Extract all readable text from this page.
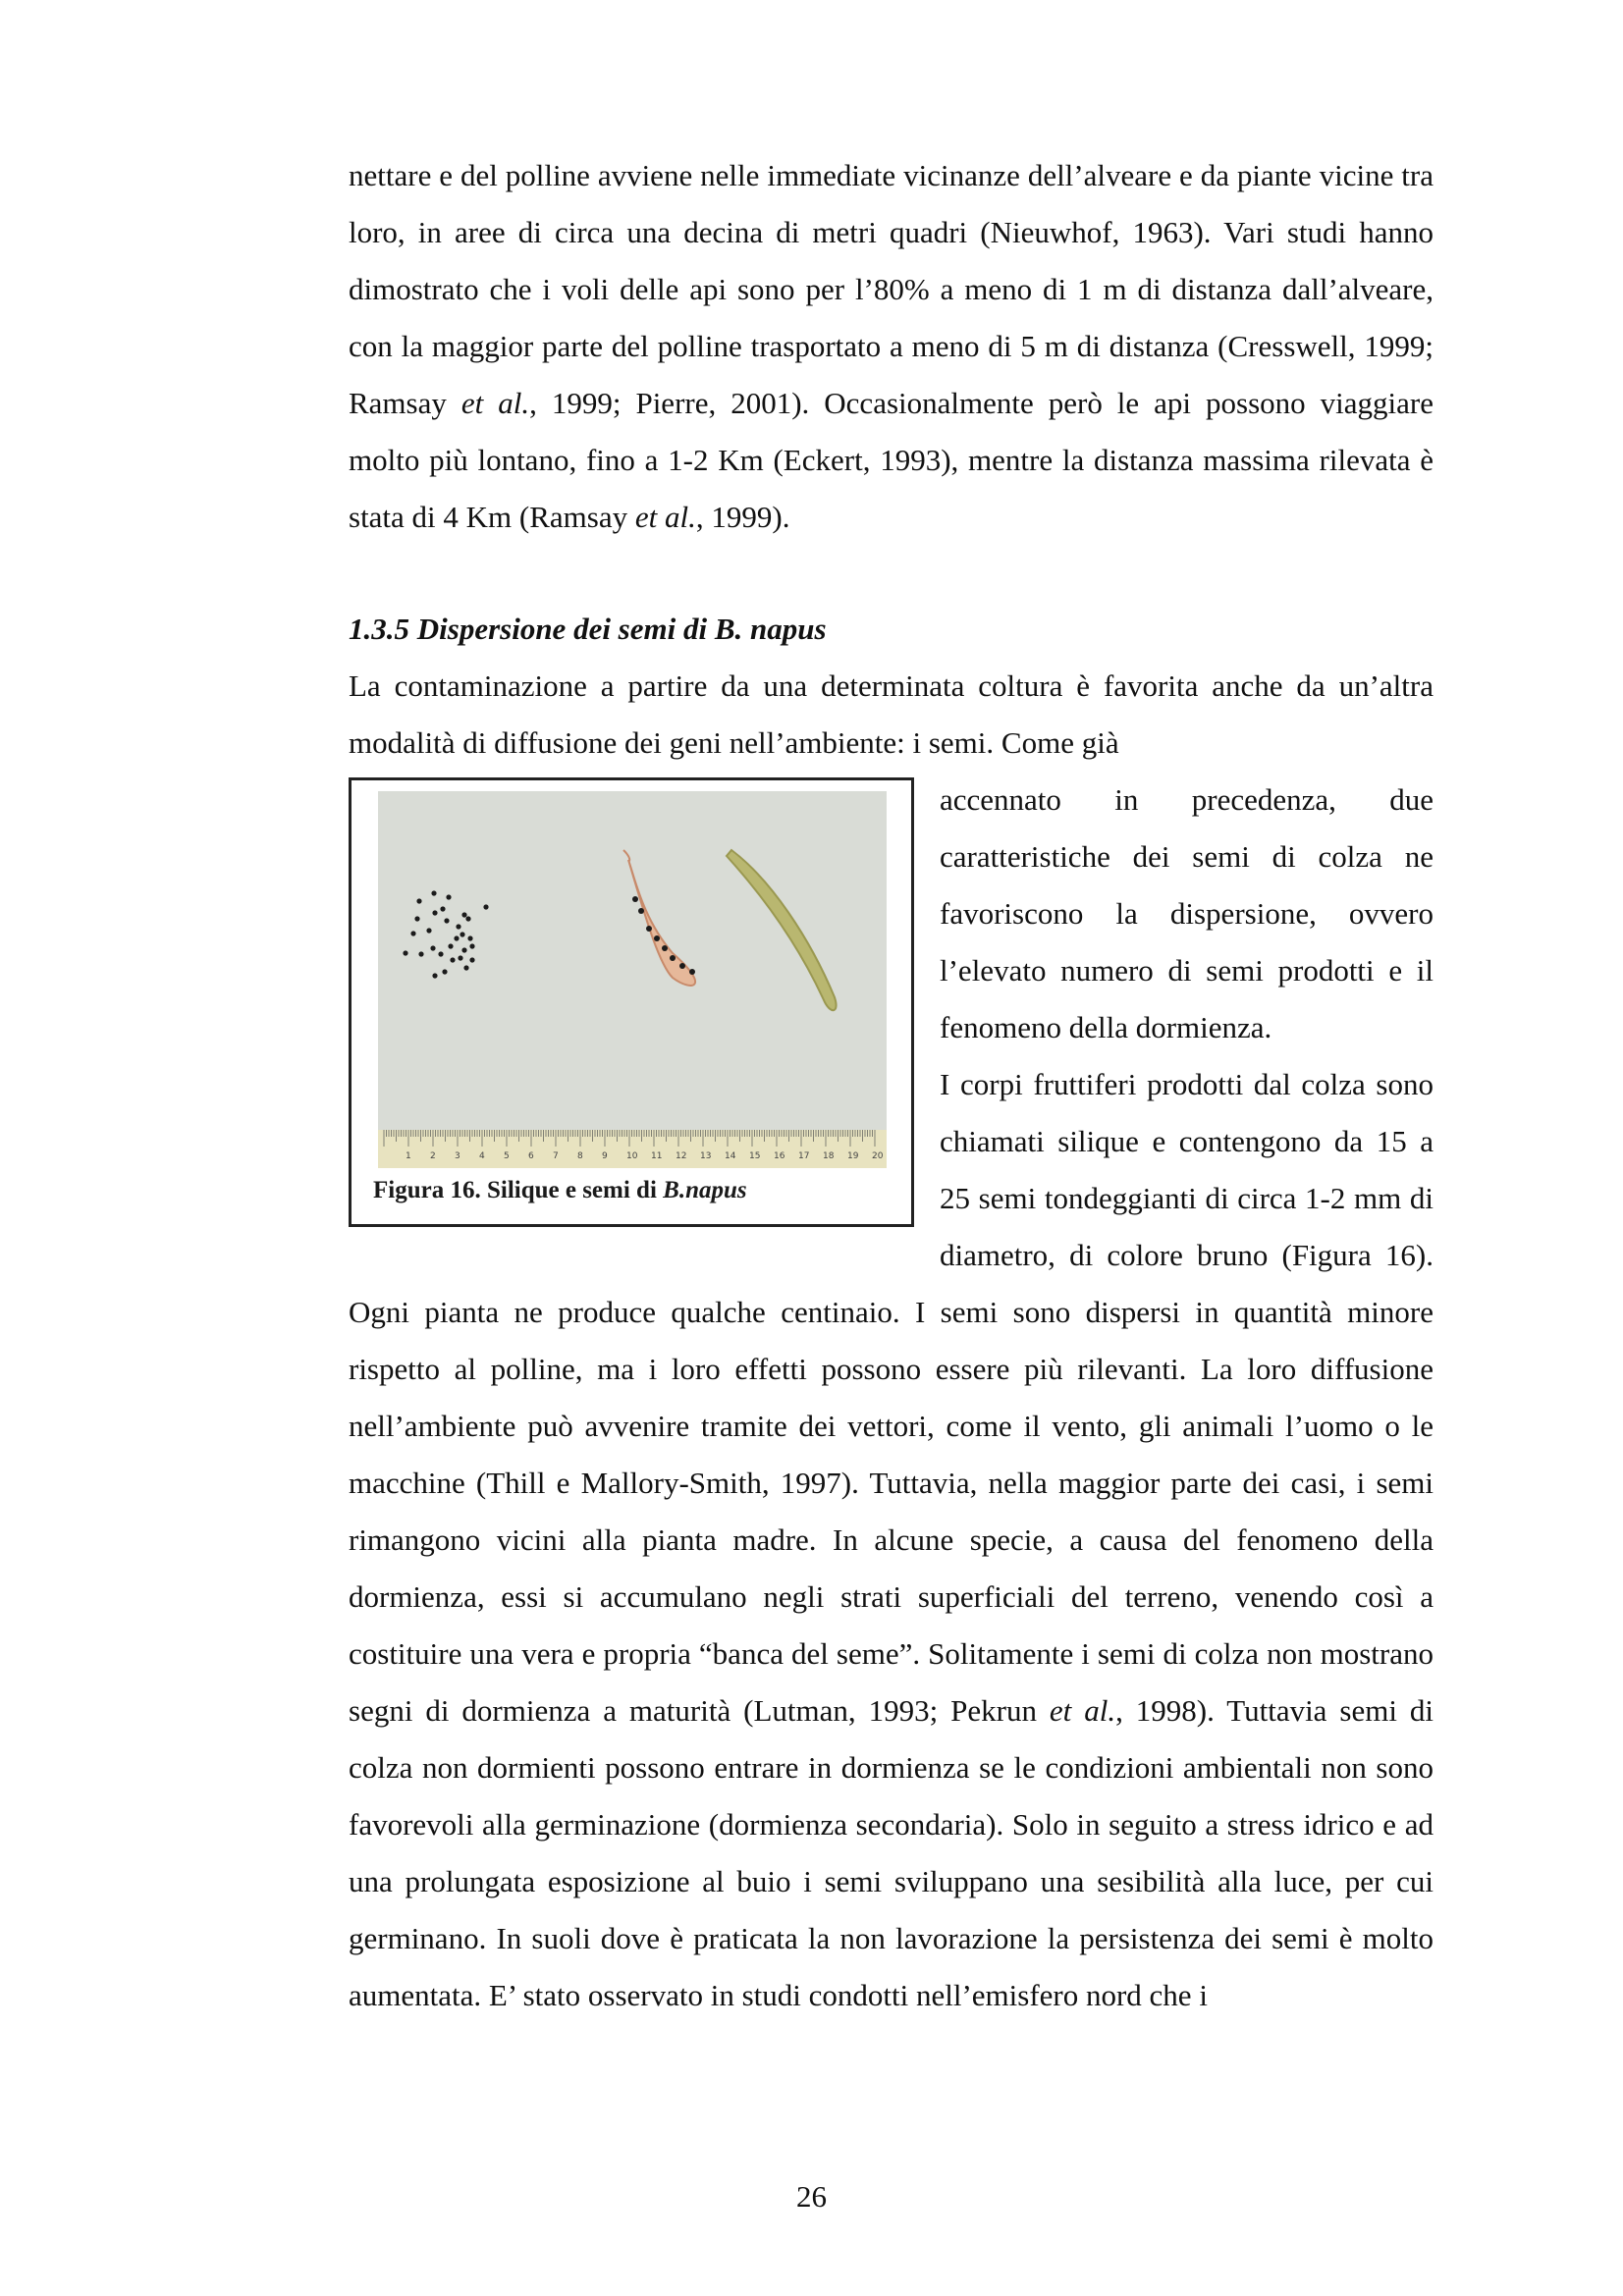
nettare e del polline avviene nelle immediate vicinanze dell’alveare e da piante vicine tra loro, in aree di circa una decina di metri quadri (Nieuwhof, 1963). Vari studi hanno dimostrato che i voli delle api sono per l’80% a meno di 1 m di distanza dall’alveare, con la maggior parte del polline trasportato a meno di 5 m di distanza (Cresswell, 1999; Ramsay et al., 1999; Pierre, 2001). Occasionalmente però le api possono viaggiare molto più lontano, fino a 1-2 Km (Eckert, 1993), mentre la distanza massima rilevata è stata di 4 Km (Ramsay et al., 1999).

1.3.5 Dispersione dei semi di B. napus

La contaminazione a partire da una determinata coltura è favorita anche da un’altra modalità di diffusione dei geni nell’ambiente: i semi. Come già

1 2 3 4 5 6 7 8 9 10 11 12 13 14 15 16 17 18 19 20
Figura 16. Silique e semi di B.napus

accennato in precedenza, due caratteristiche dei semi di colza ne favoriscono la dispersione, ovvero l’elevato numero di semi prodotti e il fenomeno della dormienza.

I corpi fruttiferi prodotti dal colza sono chiamati silique e contengono da 15 a 25 semi tondeggianti di circa 1-2 mm di diametro, di colore bruno (Figura 16). Ogni pianta ne produce qualche centinaio. I semi sono dispersi in quantità minore rispetto al polline, ma i loro effetti possono essere più rilevanti. La loro diffusione nell’ambiente può avvenire tramite dei vettori, come il vento, gli animali l’uomo o le macchine (Thill e Mallory-Smith, 1997). Tuttavia, nella maggior parte dei casi, i semi rimangono vicini alla pianta madre. In alcune specie, a causa del fenomeno della dormienza, essi si accumulano negli strati superficiali del terreno, venendo così a costituire una vera e propria “banca del seme”. Solitamente i semi di colza non mostrano segni di dormienza a maturità (Lutman, 1993; Pekrun et al., 1998). Tuttavia semi di colza non dormienti possono entrare in dormienza se le condizioni ambientali non sono favorevoli alla germinazione (dormienza secondaria). Solo in seguito a stress idrico e ad una prolungata esposizione al buio i semi sviluppano una sesibilità alla luce, per cui germinano. In suoli dove è praticata la non lavorazione la persistenza dei semi è molto aumentata. E’ stato osservato in studi condotti nell’emisfero nord che i

26
